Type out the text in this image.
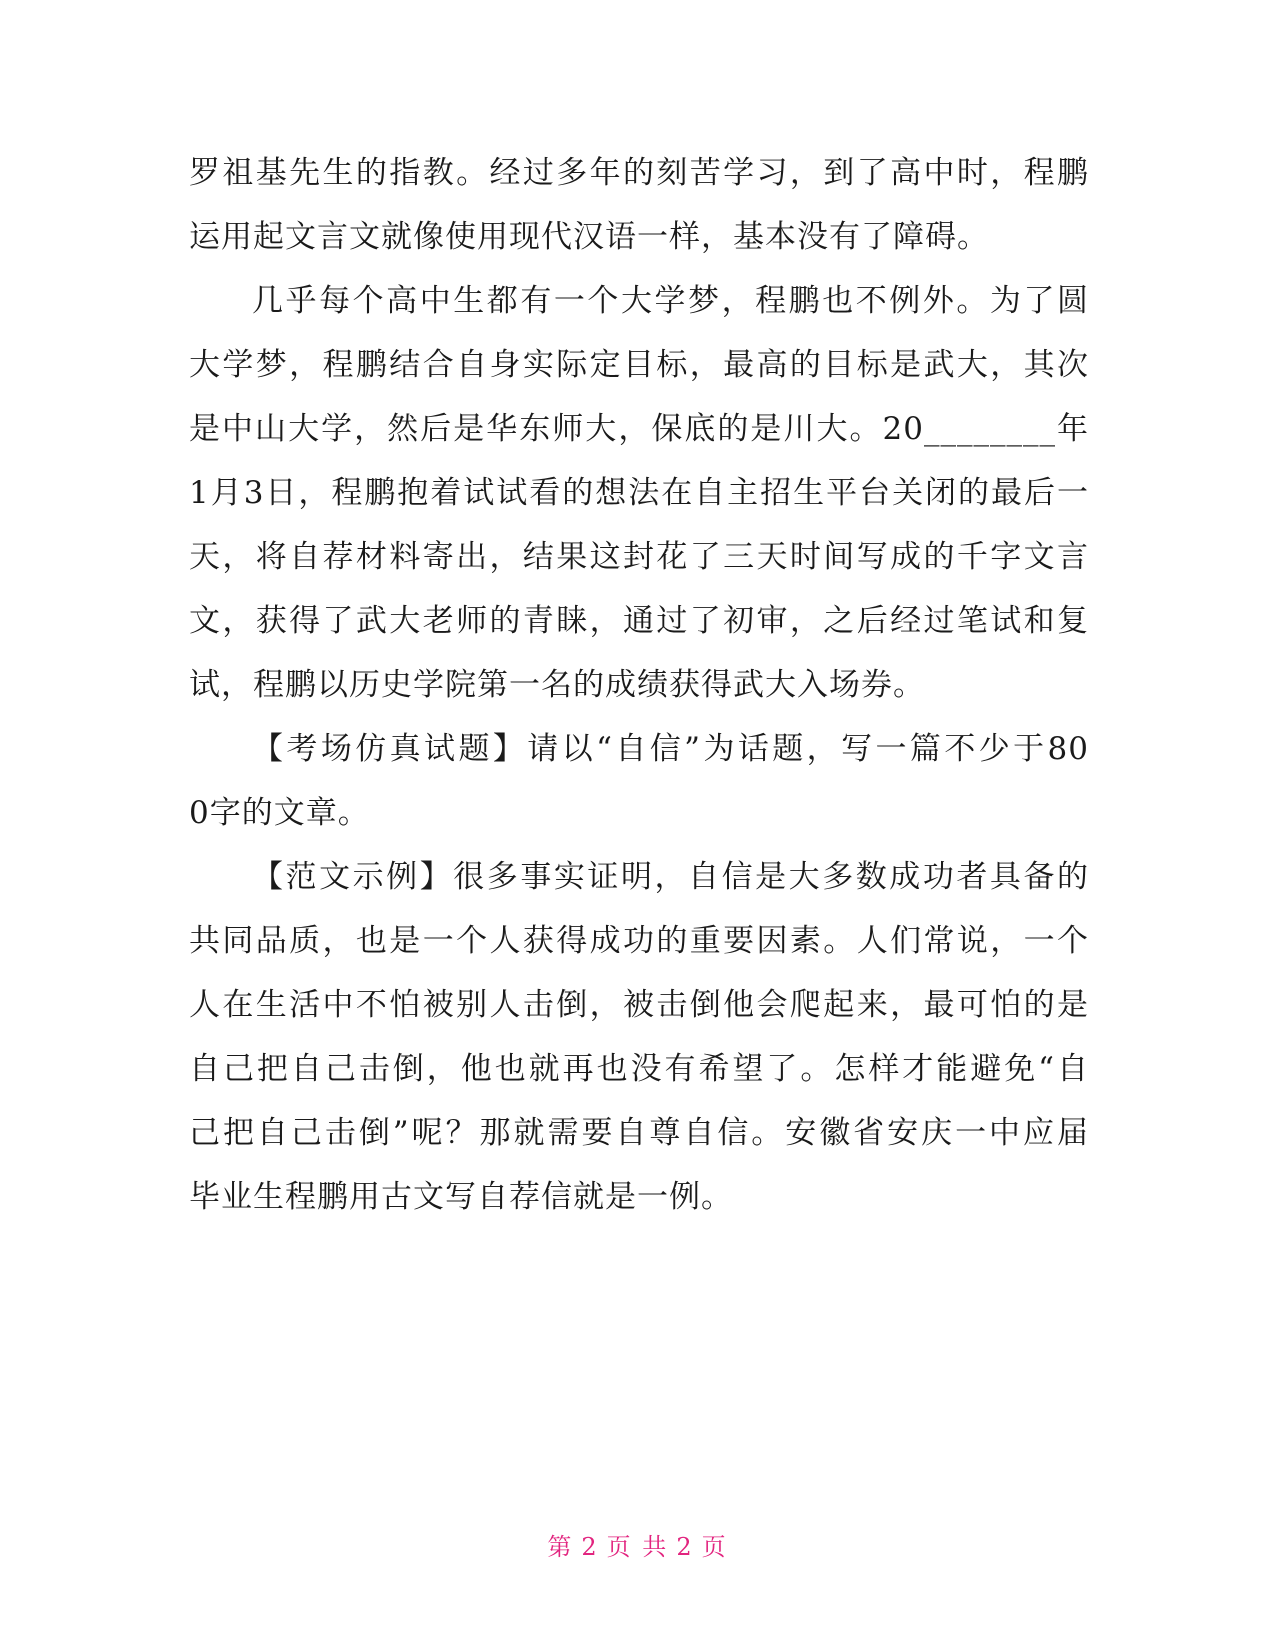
罗祖基先生的指教。经过多年的刻苦学习，到了高中时，程鹏
运用起文言文就像使用现代汉语一样，基本没有了障碍。
几乎每个高中生都有一个大学梦，程鹏也不例外。为了圆
大学梦，程鹏结合自身实际定目标，最高的目标是武大，其次
是中山大学，然后是华东师大，保底的是川大。20________年
1月3日，程鹏抱着试试看的想法在自主招生平台关闭的最后一
天，将自荐材料寄出，结果这封花了三天时间写成的千字文言
文，获得了武大老师的青睐，通过了初审，之后经过笔试和复
试，程鹏以历史学院第一名的成绩获得武大入场券。
【考场仿真试题】请以“自信”为话题，写一篇不少于80
0字的文章。
【范文示例】很多事实证明，自信是大多数成功者具备的
共同品质，也是一个人获得成功的重要因素。人们常说，一个
人在生活中不怕被别人击倒，被击倒他会爬起来，最可怕的是
自己把自己击倒，他也就再也没有希望了。怎样才能避免“自
己把自己击倒”呢？那就需要自尊自信。安徽省安庆一中应届
毕业生程鹏用古文写自荐信就是一例。
第 2 页 共 2 页
